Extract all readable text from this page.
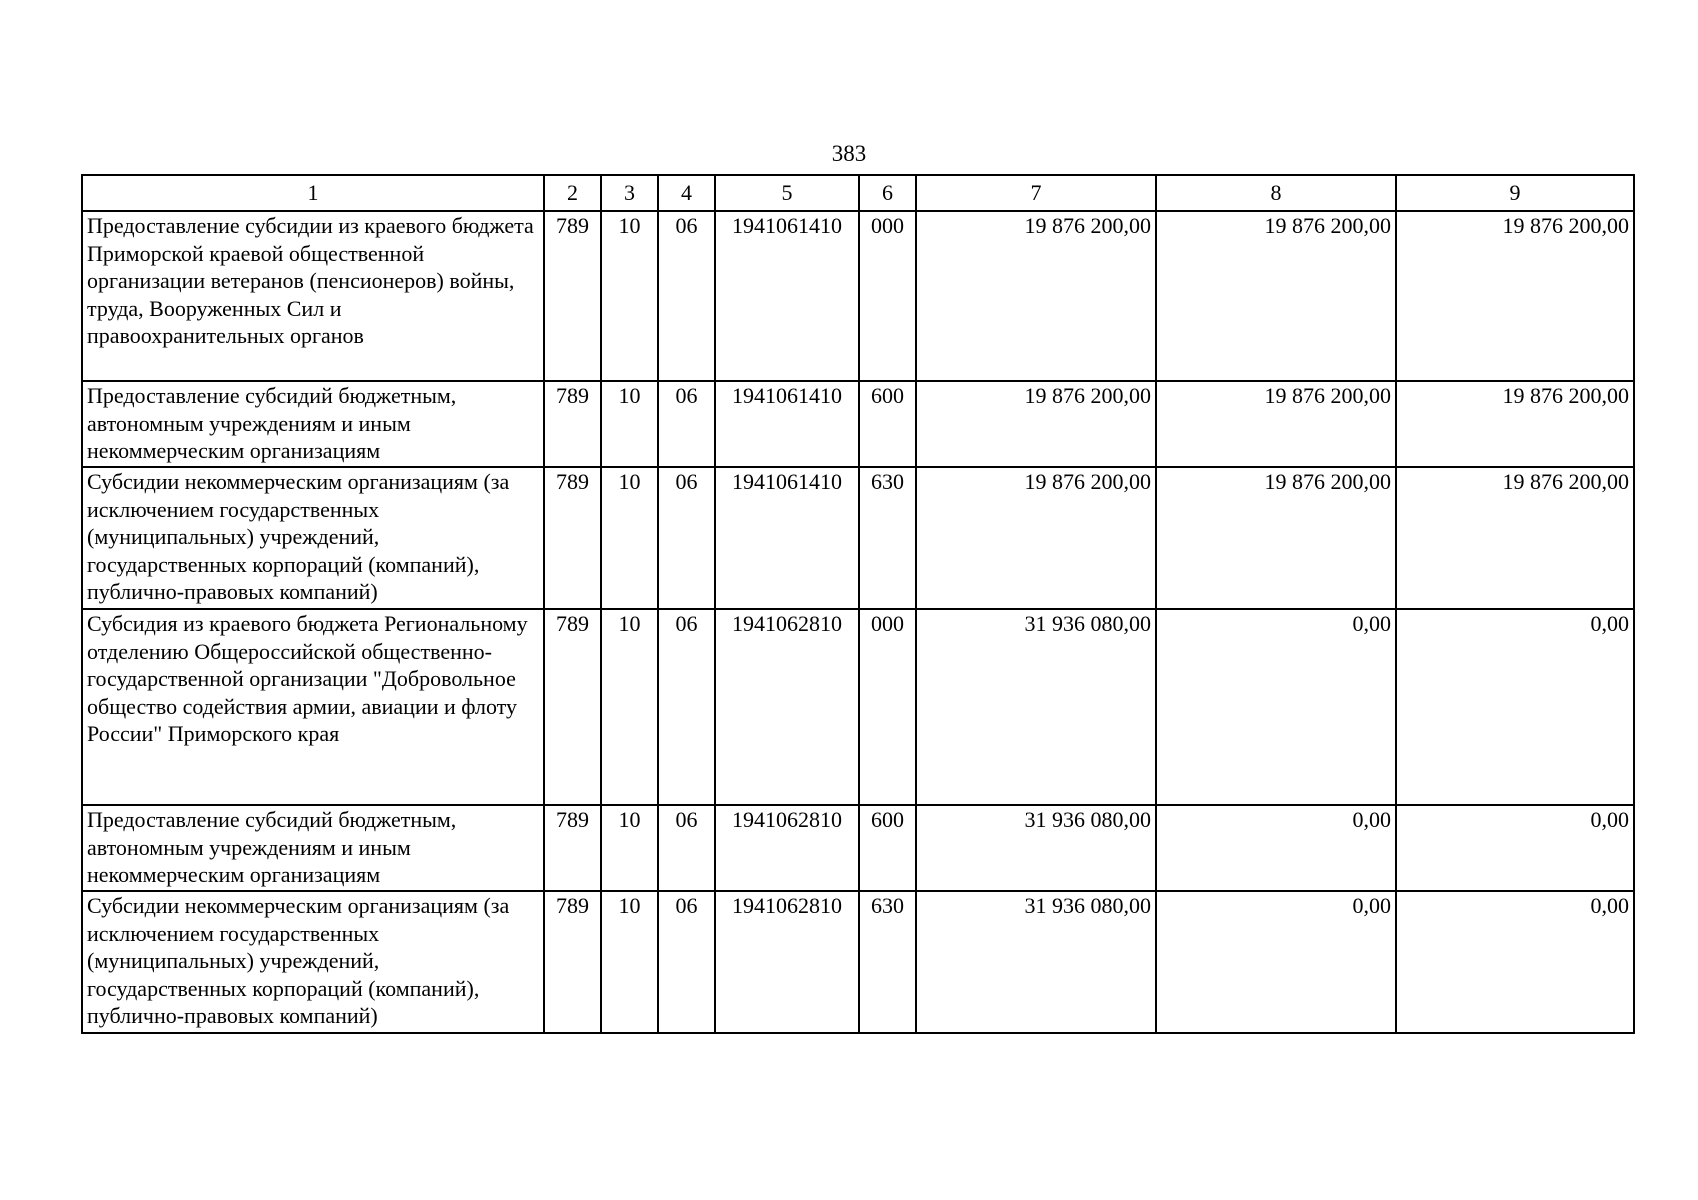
383
1	2	3	4	5	6	7	8	9
Предоставление субсидии из краевого бюджета Приморской краевой общественной организации ветеранов (пенсионеров) войны, труда, Вооруженных Сил и правоохранительных органов	789	10	06	1941061410	000	19 876 200,00	19 876 200,00	19 876 200,00
Предоставление субсидий бюджетным, автономным учреждениям и иным некоммерческим организациям	789	10	06	1941061410	600	19 876 200,00	19 876 200,00	19 876 200,00
Субсидии некоммерческим организациям (за исключением государственных (муниципальных) учреждений, государственных корпораций (компаний), публично-правовых компаний)	789	10	06	1941061410	630	19 876 200,00	19 876 200,00	19 876 200,00
Субсидия из краевого бюджета Региональному отделению Общероссийской общественно-государственной организации "Добровольное общество содействия армии, авиации и флоту России" Приморского края	789	10	06	1941062810	000	31 936 080,00	0,00	0,00
Предоставление субсидий бюджетным, автономным учреждениям и иным некоммерческим организациям	789	10	06	1941062810	600	31 936 080,00	0,00	0,00
Субсидии некоммерческим организациям (за исключением государственных (муниципальных) учреждений, государственных корпораций (компаний), публично-правовых компаний)	789	10	06	1941062810	630	31 936 080,00	0,00	0,00
